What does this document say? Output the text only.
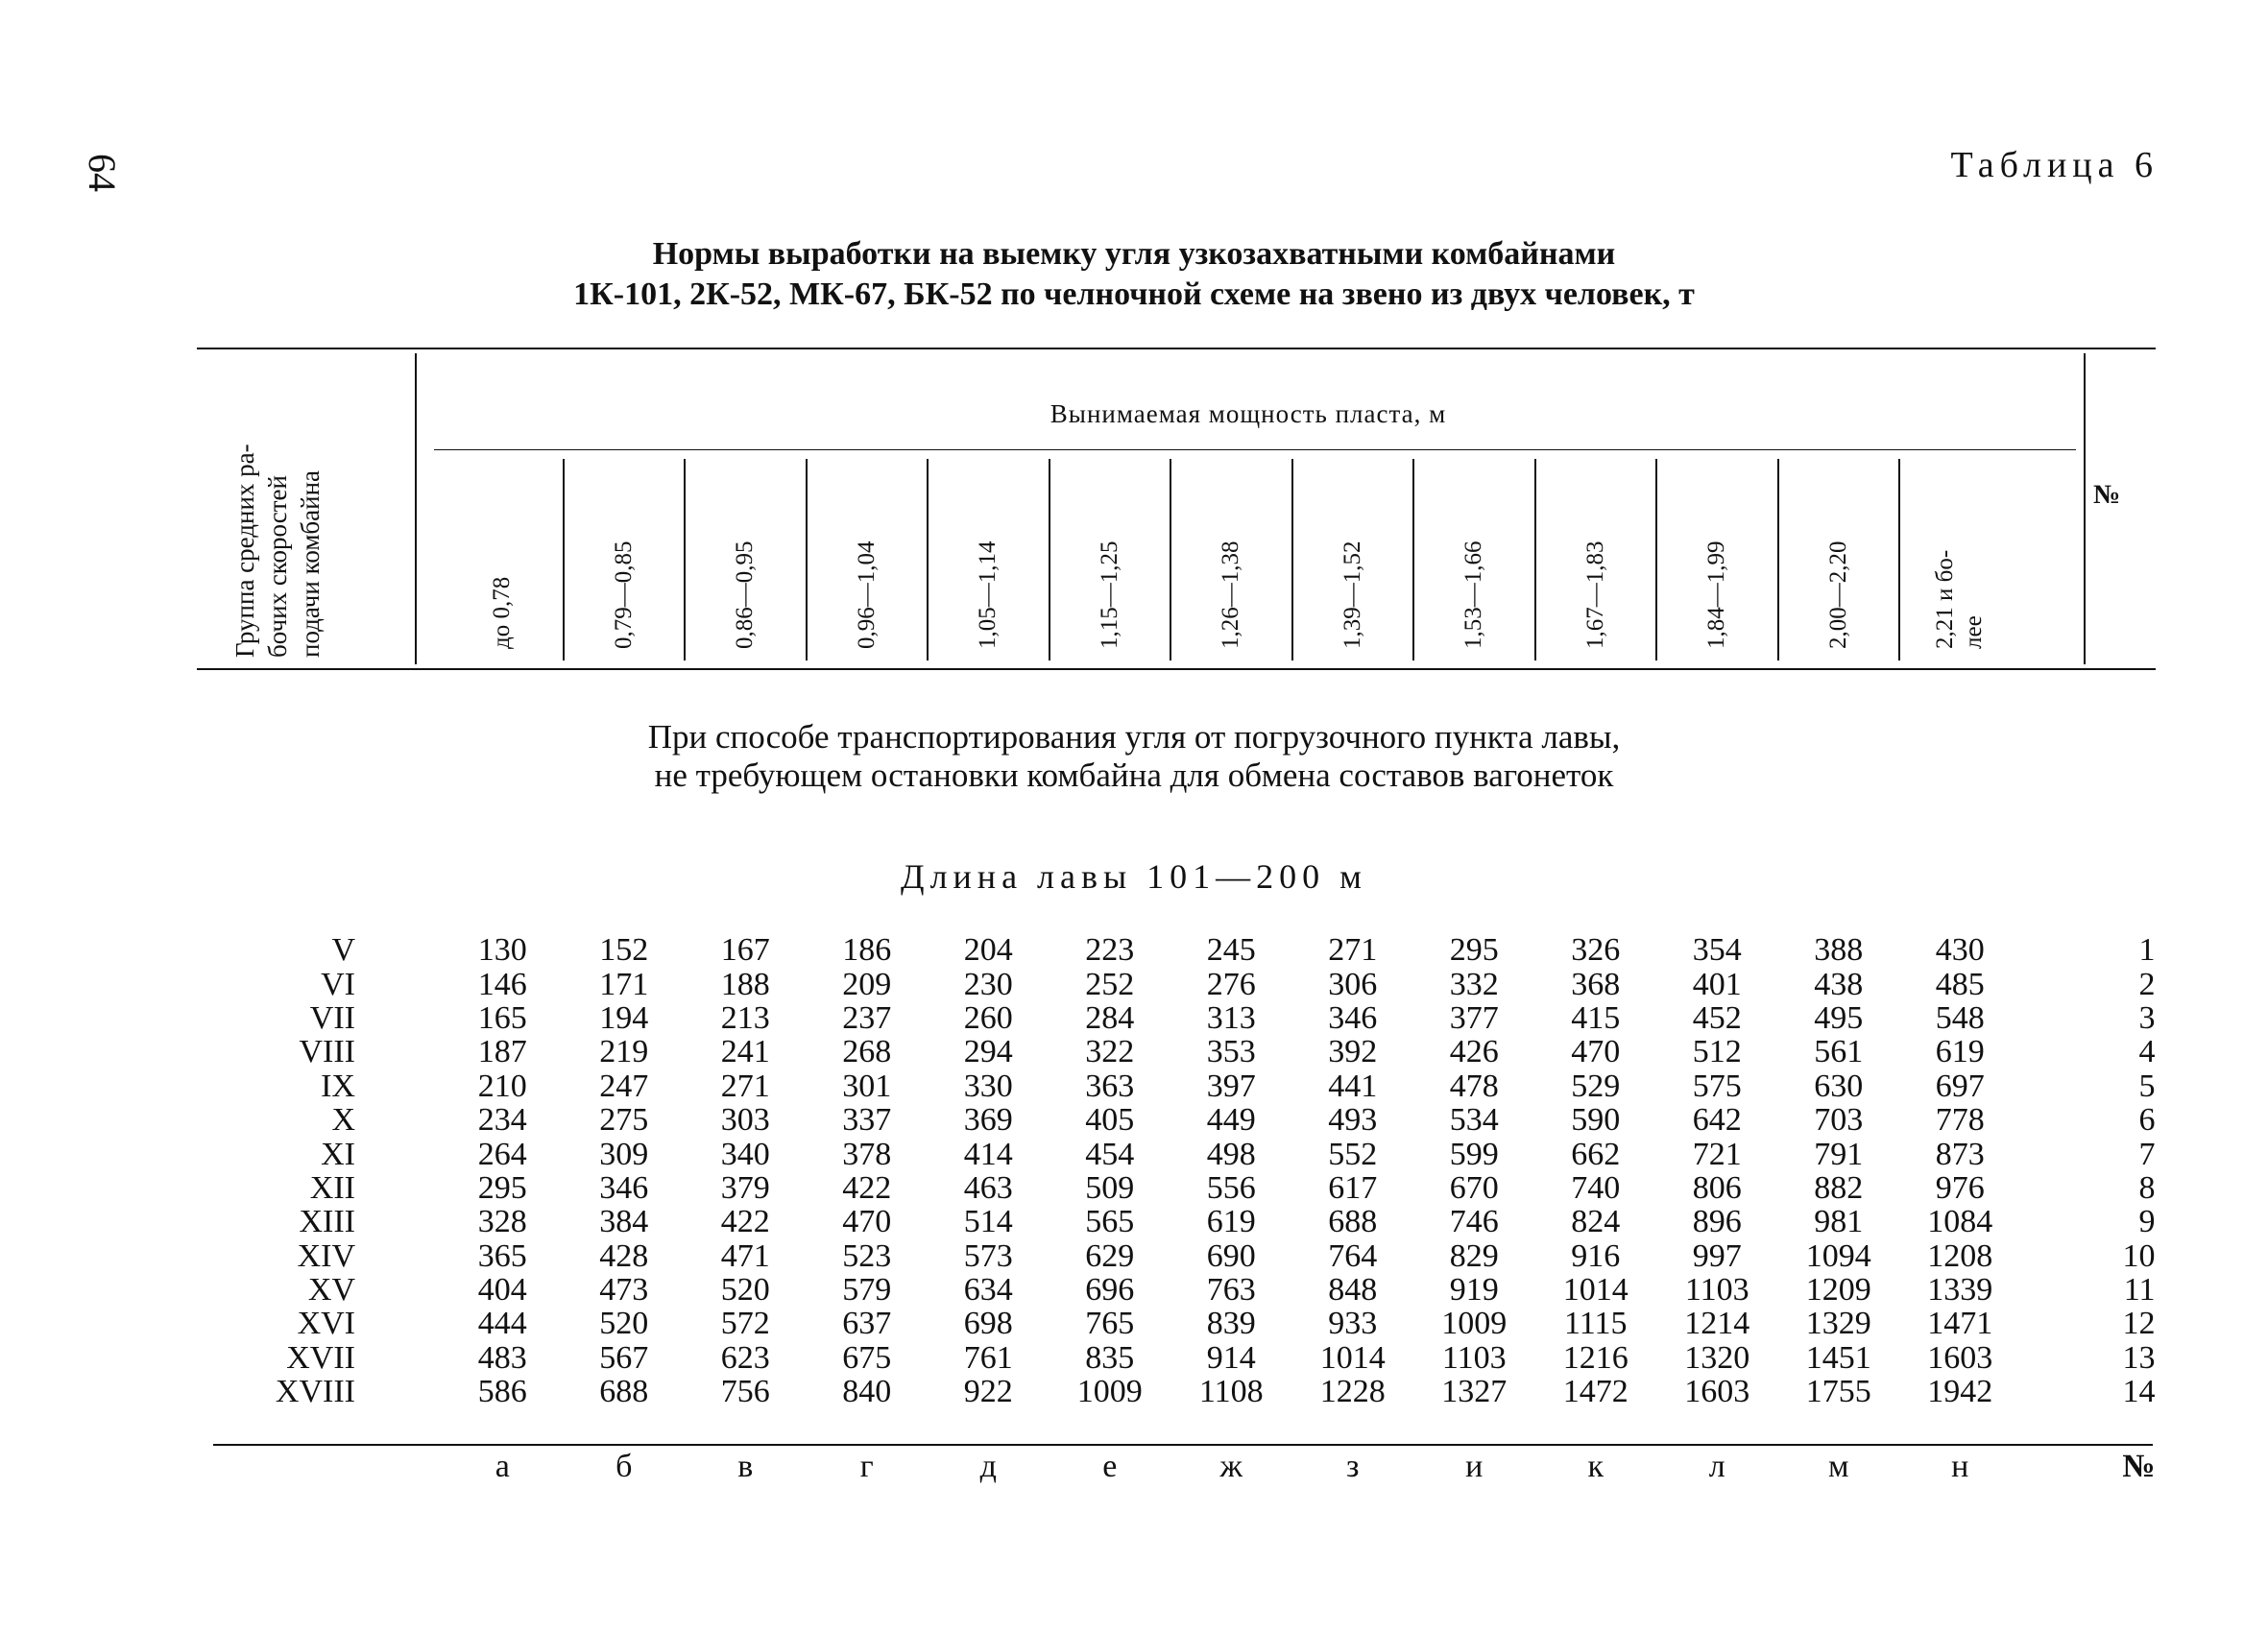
64	Таблица 6
Нормы выработки на выемку угля узкозахватными комбайнами
1К-101, 2К-52, МК-67, БК-52 по челночной схеме на звено из двух человек, т
Группа средних ра- бочих скоростей подачи комбайна
Вынимаемая мощность пласта, м
№
до 0,78	0,79—0,85	0,86—0,95	0,96—1,04	1,05—1,14	1,15—1,25	1,26—1,38	1,39—1,52	1,53—1,66	1,67—1,83	1,84—1,99	2,00—2,20	2,21 и бо- лее
При способе транспортирования угля от погрузочного пункта лавы,
не требующем остановки комбайна для обмена составов вагонеток
Длина лавы 101—200 м
V		130	152	167	186	204	223	245	271	295	326	354	388	430	1
VI		146	171	188	209	230	252	276	306	332	368	401	438	485	2
VII		165	194	213	237	260	284	313	346	377	415	452	495	548	3
VIII		187	219	241	268	294	322	353	392	426	470	512	561	619	4
IX		210	247	271	301	330	363	397	441	478	529	575	630	697	5
X		234	275	303	337	369	405	449	493	534	590	642	703	778	6
XI		264	309	340	378	414	454	498	552	599	662	721	791	873	7
XII		295	346	379	422	463	509	556	617	670	740	806	882	976	8
XIII		328	384	422	470	514	565	619	688	746	824	896	981	1084	9
XIV		365	428	471	523	573	629	690	764	829	916	997	1094	1208	10
XV		404	473	520	579	634	696	763	848	919	1014	1103	1209	1339	11
XVI		444	520	572	637	698	765	839	933	1009	1115	1214	1329	1471	12
XVII		483	567	623	675	761	835	914	1014	1103	1216	1320	1451	1603	13
XVIII		586	688	756	840	922	1009	1108	1228	1327	1472	1603	1755	1942	14
	а	б	в	г	д	е	ж	з	и	к	л	м	н	№
